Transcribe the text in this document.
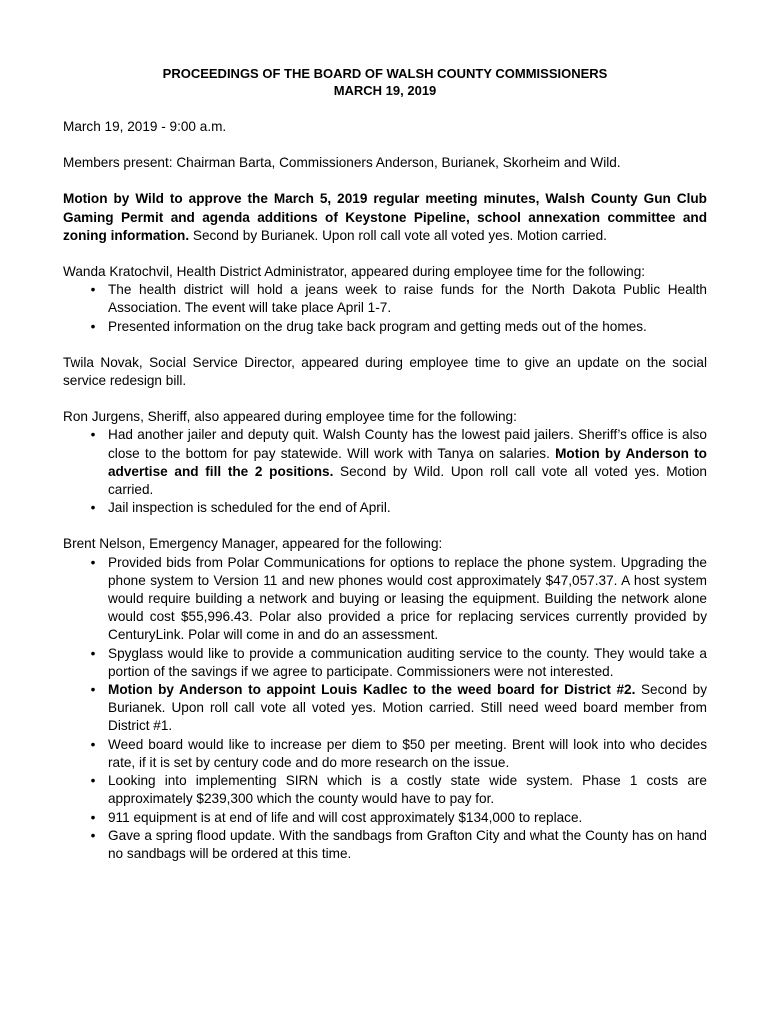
PROCEEDINGS OF THE BOARD OF WALSH COUNTY COMMISSIONERS

MARCH 19, 2019

March 19, 2019 - 9:00 a.m.

Members present: Chairman Barta, Commissioners Anderson, Burianek, Skorheim and Wild.

Motion by Wild to approve the March 5, 2019 regular meeting minutes, Walsh County Gun Club Gaming Permit and agenda additions of Keystone Pipeline, school annexation committee and zoning information. Second by Burianek. Upon roll call vote all voted yes. Motion carried.

Wanda Kratochvil, Health District Administrator, appeared during employee time for the following:

• The health district will hold a jeans week to raise funds for the North Dakota Public Health Association. The event will take place April 1-7.
• Presented information on the drug take back program and getting meds out of the homes.

Twila Novak, Social Service Director, appeared during employee time to give an update on the social service redesign bill.

Ron Jurgens, Sheriff, also appeared during employee time for the following:

• Had another jailer and deputy quit. Walsh County has the lowest paid jailers. Sheriff’s office is also close to the bottom for pay statewide. Will work with Tanya on salaries. Motion by Anderson to advertise and fill the 2 positions. Second by Wild. Upon roll call vote all voted yes. Motion carried.
• Jail inspection is scheduled for the end of April.

Brent Nelson, Emergency Manager, appeared for the following:

• Provided bids from Polar Communications for options to replace the phone system. Upgrading the phone system to Version 11 and new phones would cost approximately $47,057.37. A host system would require building a network and buying or leasing the equipment. Building the network alone would cost $55,996.43. Polar also provided a price for replacing services currently provided by CenturyLink. Polar will come in and do an assessment.
• Spyglass would like to provide a communication auditing service to the county. They would take a portion of the savings if we agree to participate. Commissioners were not interested.
• Motion by Anderson to appoint Louis Kadlec to the weed board for District #2. Second by Burianek. Upon roll call vote all voted yes. Motion carried. Still need weed board member from District #1.
• Weed board would like to increase per diem to $50 per meeting. Brent will look into who decides rate, if it is set by century code and do more research on the issue.
• Looking into implementing SIRN which is a costly state wide system. Phase 1 costs are approximately $239,300 which the county would have to pay for.
• 911 equipment is at end of life and will cost approximately $134,000 to replace.
• Gave a spring flood update. With the sandbags from Grafton City and what the County has on hand no sandbags will be ordered at this time.
